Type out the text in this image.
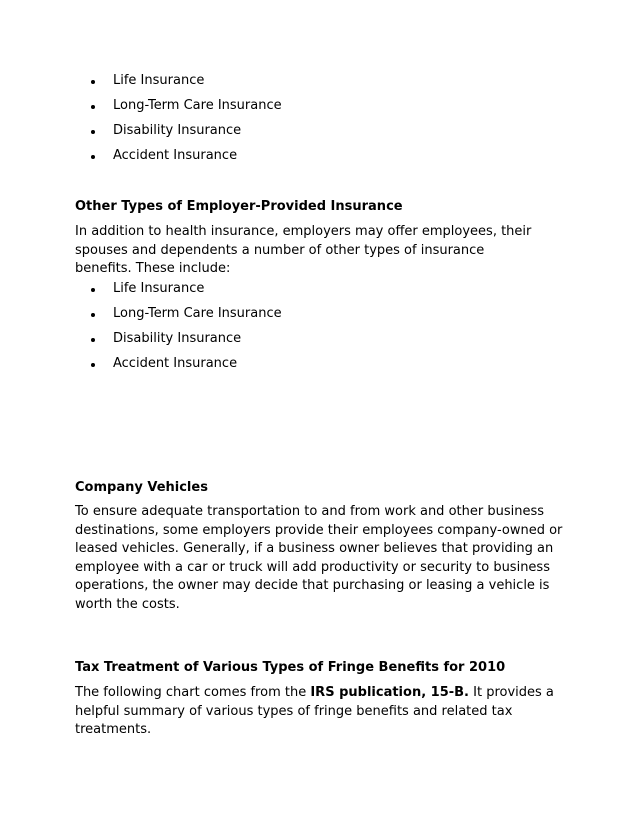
Life Insurance
Long-Term Care Insurance
Disability Insurance
Accident Insurance
Other Types of Employer-Provided Insurance
In addition to health insurance, employers may offer employees, their
spouses and dependents a number of other types of insurance
benefits. These include:
Life Insurance
Long-Term Care Insurance
Disability Insurance
Accident Insurance
Company Vehicles
To ensure adequate transportation to and from work and other business
destinations, some employers provide their employees company-owned or
leased vehicles. Generally, if a business owner believes that providing an
employee with a car or truck will add productivity or security to business
operations, the owner may decide that purchasing or leasing a vehicle is
worth the costs.
Tax Treatment of Various Types of Fringe Benefits for 2010
The following chart comes from the IRS publication, 15-B. It provides a
helpful summary of various types of fringe benefits and related tax
treatments.
